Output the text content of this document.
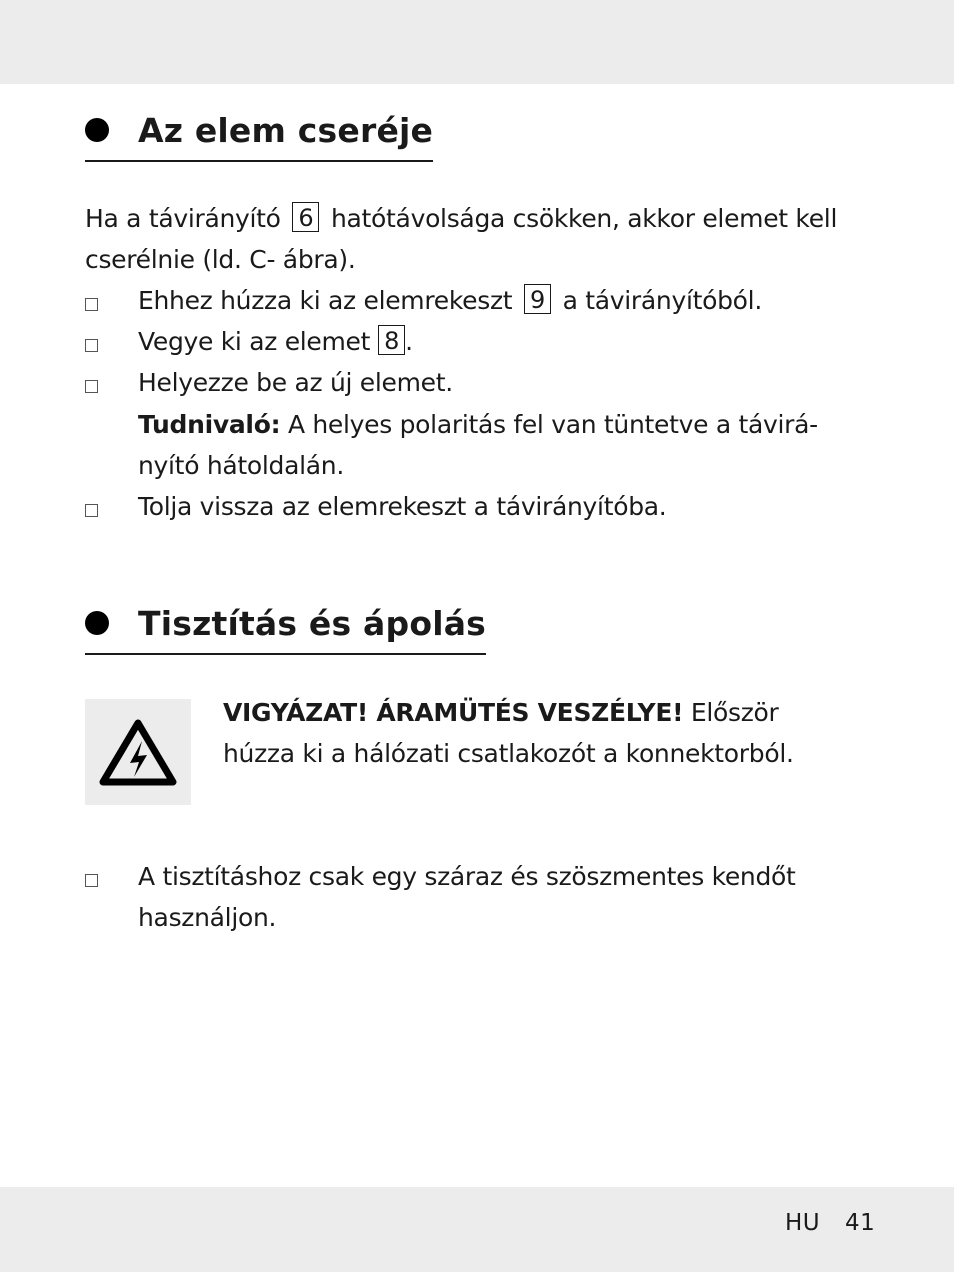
Az elem cseréje
Ha a távirányító 6 hatótávolsága csökken, akkor elemet kell
cserélnie (ld. C- ábra).
Ehhez húzza ki az elemrekeszt 9 a távirányítóból.
Vegye ki az elemet 8 .
Helyezze be az új elemet.
Tudnivaló: A helyes polaritás fel van tüntetve a távirá-
nyító hátoldalán.
Tolja vissza az elemrekeszt a távirányítóba.
Tisztítás és ápolás
VIGYÁZAT! ÁRAMÜTÉS VESZÉLYE! Először
húzza ki a hálózati csatlakozót a konnektorból.
A tisztításhoz csak egy száraz és szöszmentes kendőt
használjon.
HU 41
